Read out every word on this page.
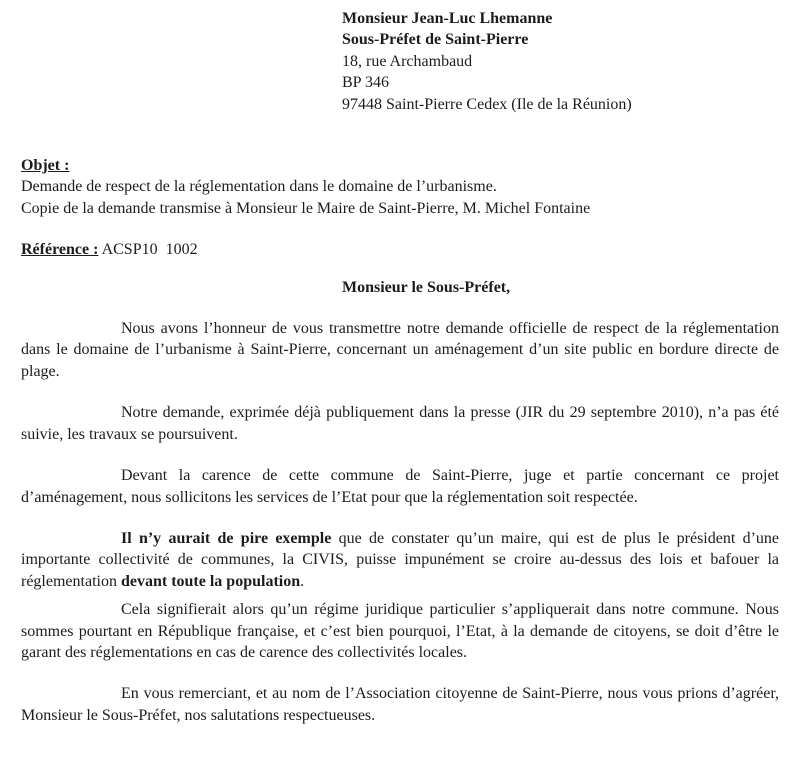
Monsieur Jean-Luc Lhemanne
Sous-Préfet de Saint-Pierre
18, rue Archambaud
BP 346
97448 Saint-Pierre Cedex (Ile de la Réunion)
Objet :
Demande de respect de la réglementation dans le domaine de l’urbanisme.
Copie de la demande transmise à Monsieur le Maire de Saint-Pierre, M. Michel Fontaine
Référence : ACSP10  1002
Monsieur le Sous-Préfet,

Nous avons l’honneur de vous transmettre notre demande officielle de respect de la réglementation dans le domaine de l’urbanisme à Saint-Pierre, concernant un aménagement d’un site public en bordure directe de plage.

Notre demande, exprimée déjà publiquement dans la presse (JIR du 29 septembre 2010), n’a pas été suivie, les travaux se poursuivent.

Devant la carence de cette commune de Saint-Pierre, juge et partie concernant ce projet d’aménagement, nous sollicitons les services de l’Etat pour que la réglementation soit respectée.

Il n’y aurait de pire exemple que de constater qu’un maire, qui est de plus le président d’une importante collectivité de communes, la CIVIS, puisse impunément se croire au-dessus des lois et bafouer la réglementation devant toute la population.

Cela signifierait alors qu’un régime juridique particulier s’appliquerait dans notre commune. Nous sommes pourtant en République française, et c’est bien pourquoi, l’Etat, à la demande de citoyens, se doit d’être le garant des réglementations en cas de carence des collectivités locales.

En vous remerciant, et au nom de l’Association citoyenne de Saint-Pierre, nous vous prions d’agréer, Monsieur le Sous-Préfet, nos salutations respectueuses.
